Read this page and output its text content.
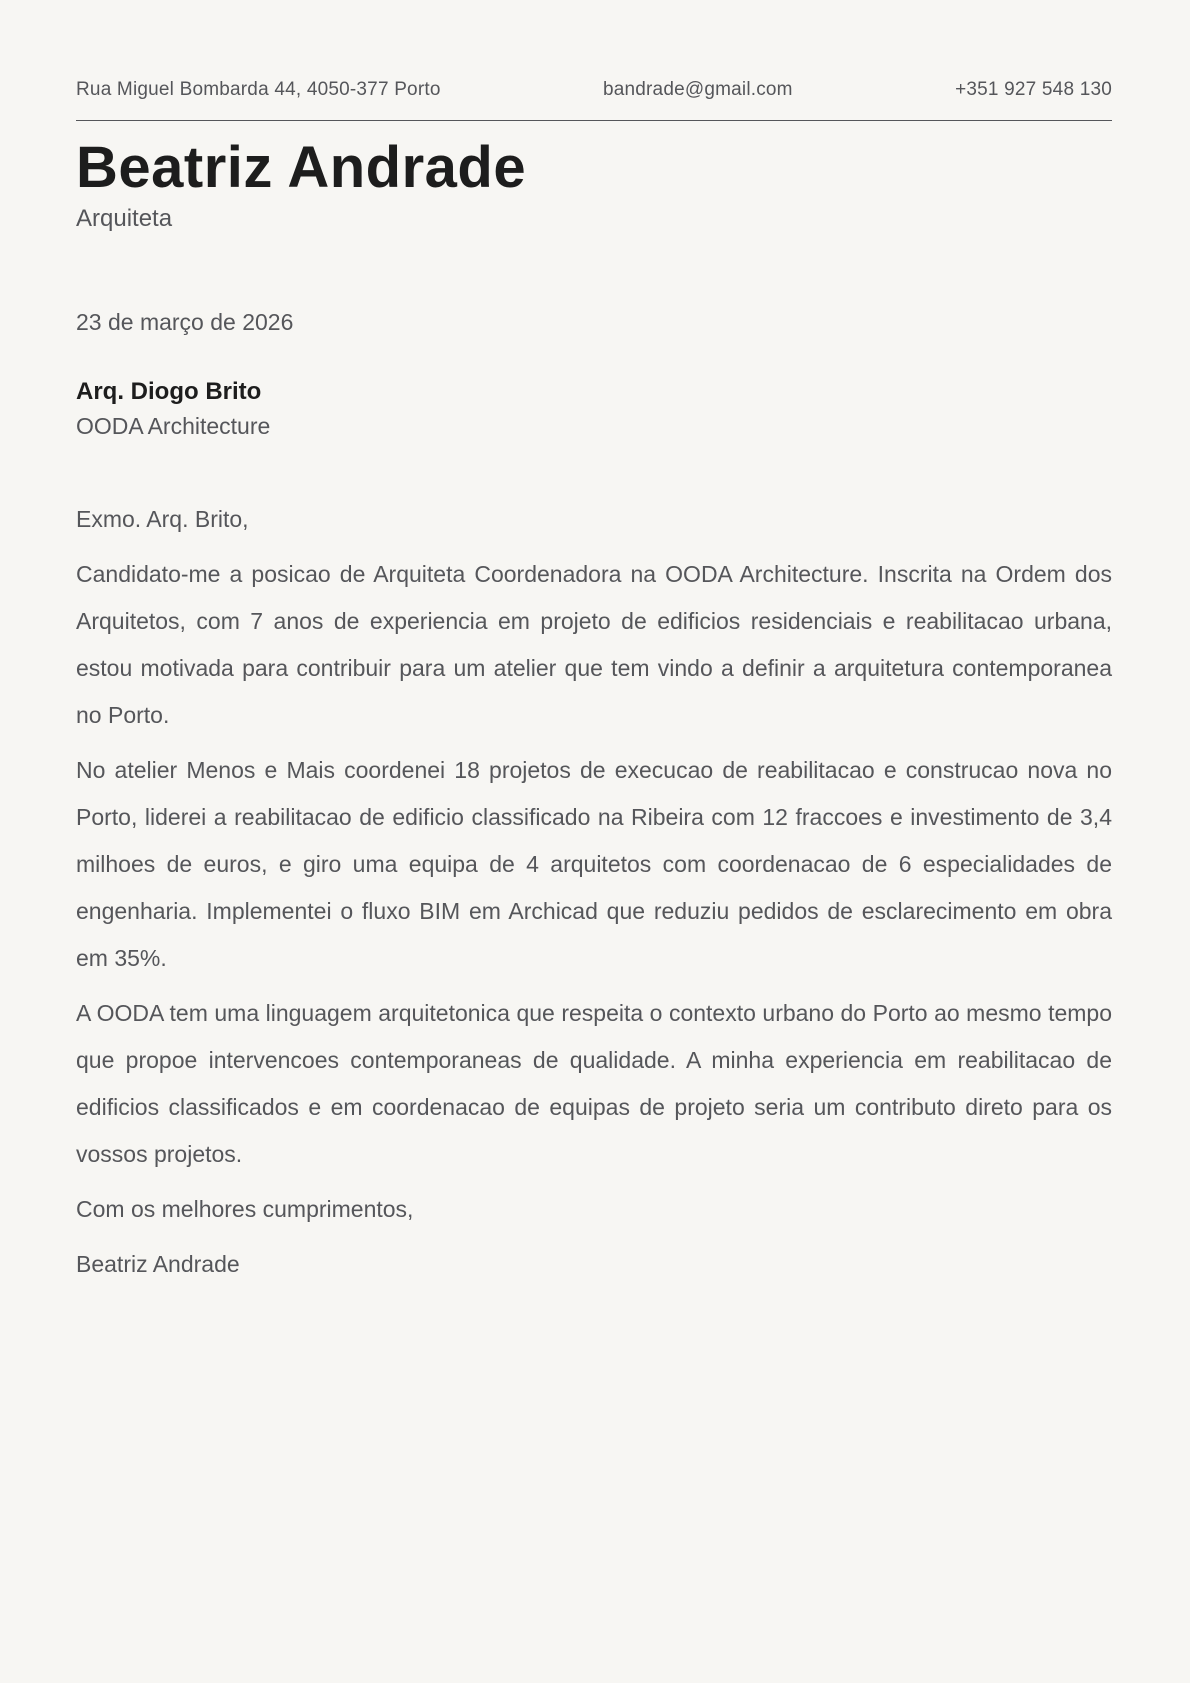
Rua Miguel Bombarda 44, 4050-377 Porto	bandrade@gmail.com	+351 927 548 130
Beatriz Andrade
Arquiteta
23 de março de 2026
Arq. Diogo Brito
OODA Architecture

Exmo. Arq. Brito,

Candidato-me a posicao de Arquiteta Coordenadora na OODA Architecture. Inscrita na Ordem dos Arquitetos, com 7 anos de experiencia em projeto de edificios residenciais e reabilitacao urbana, estou motivada para contribuir para um atelier que tem vindo a definir a arquitetura contemporanea no Porto.

No atelier Menos e Mais coordenei 18 projetos de execucao de reabilitacao e construcao nova no Porto, liderei a reabilitacao de edificio classificado na Ribeira com 12 fraccoes e investimento de 3,4 milhoes de euros, e giro uma equipa de 4 arquitetos com coordenacao de 6 especialidades de engenharia. Implementei o fluxo BIM em Archicad que reduziu pedidos de esclarecimento em obra em 35%.

A OODA tem uma linguagem arquitetonica que respeita o contexto urbano do Porto ao mesmo tempo que propoe intervencoes contemporaneas de qualidade. A minha experiencia em reabilitacao de edificios classificados e em coordenacao de equipas de projeto seria um contributo direto para os vossos projetos.

Com os melhores cumprimentos,

Beatriz Andrade
